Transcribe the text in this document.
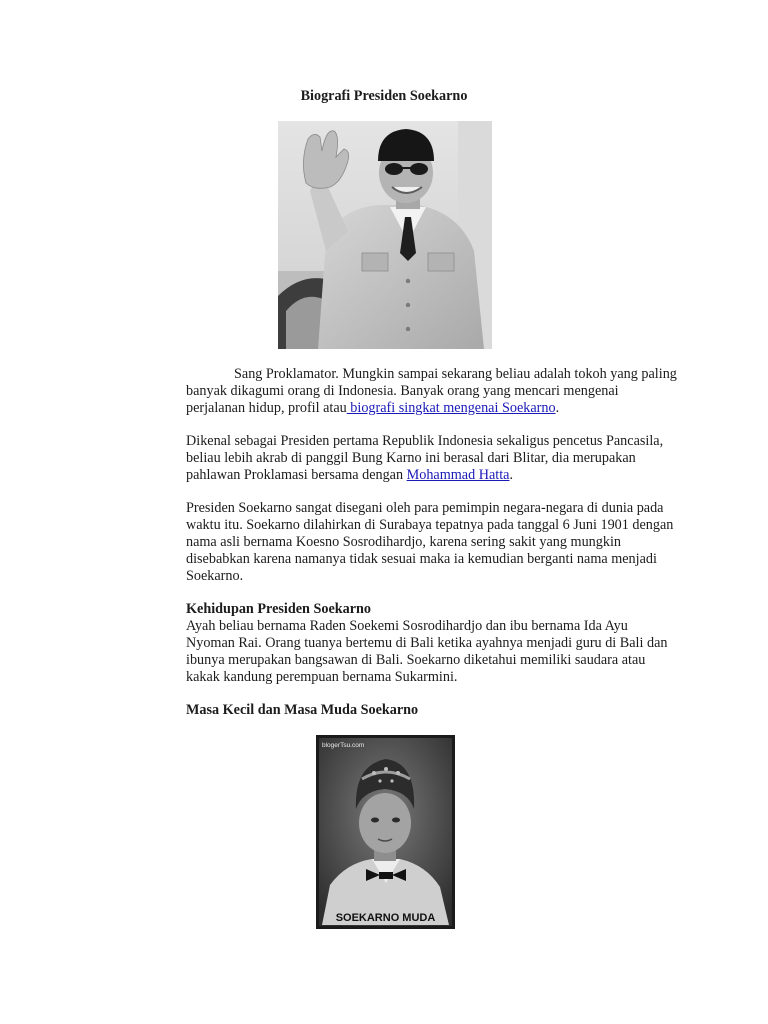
Biografi Presiden Soekarno

Sang Proklamator. Mungkin sampai sekarang beliau adalah tokoh yang paling banyak dikagumi orang di Indonesia. Banyak orang yang mencari mengenai perjalanan hidup, profil atau biografi singkat mengenai Soekarno.

Dikenal sebagai Presiden pertama Republik Indonesia sekaligus pencetus Pancasila, beliau lebih akrab di panggil Bung Karno ini berasal dari Blitar, dia merupakan pahlawan Proklamasi bersama dengan Mohammad Hatta.

Presiden Soekarno sangat disegani oleh para pemimpin negara-negara di dunia pada waktu itu. Soekarno dilahirkan di Surabaya tepatnya pada tanggal 6 Juni 1901 dengan nama asli bernama Koesno Sosrodihardjo, karena sering sakit yang mungkin disebabkan karena namanya tidak sesuai maka ia kemudian berganti nama menjadi Soekarno.

Kehidupan Presiden Soekarno

Ayah beliau bernama Raden Soekemi Sosrodihardjo dan ibu bernama Ida Ayu Nyoman Rai. Orang tuanya bertemu di Bali ketika ayahnya menjadi guru di Bali dan ibunya merupakan bangsawan di Bali. Soekarno diketahui memiliki saudara atau kakak kandung perempuan bernama Sukarmini.

Masa Kecil dan Masa Muda Soekarno

blogerTsu.com
SOEKARNO MUDA
